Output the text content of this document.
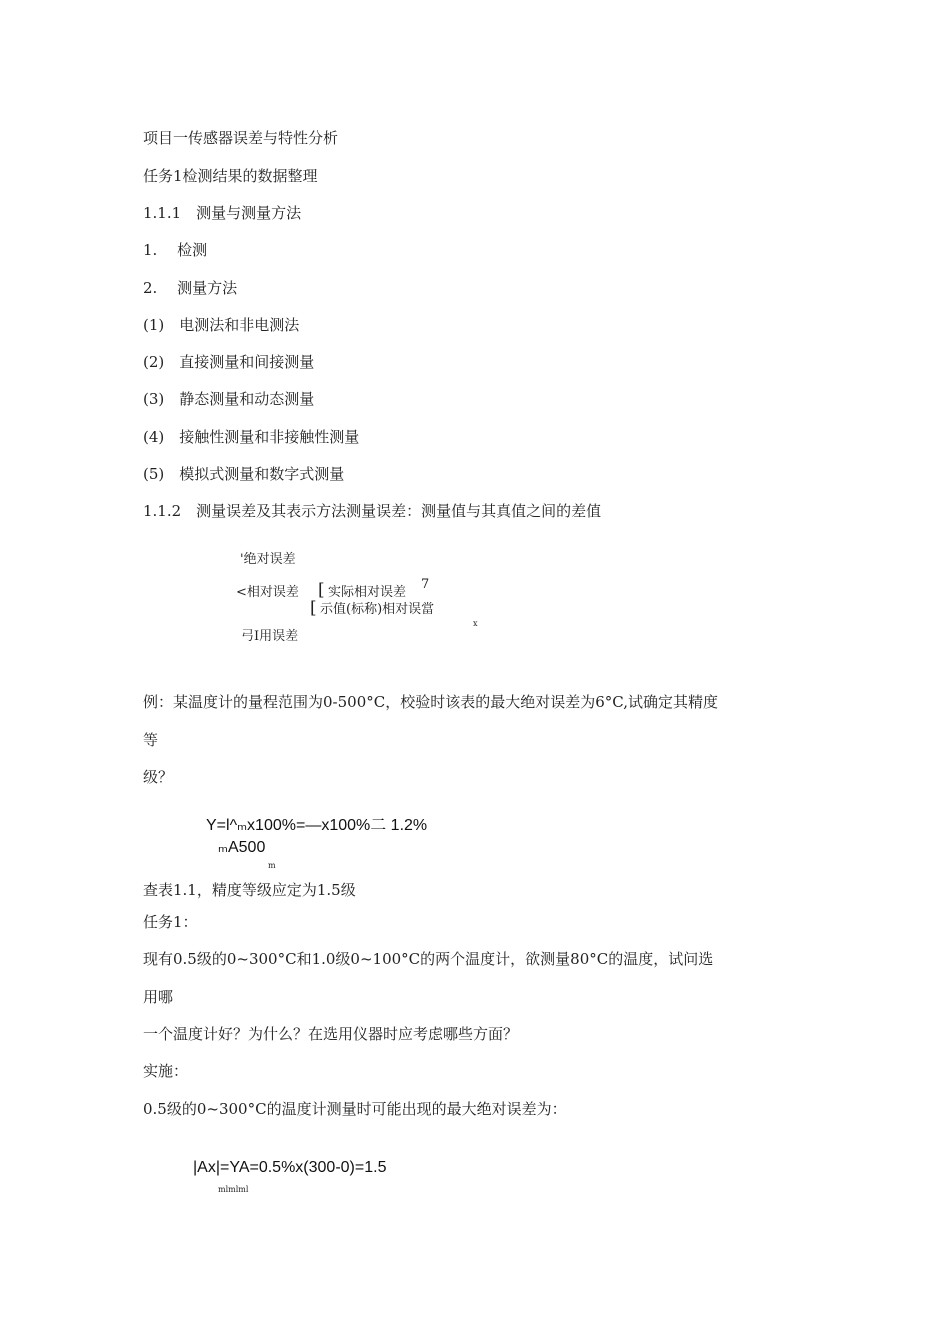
项目一传感器误差与特性分析
任务1检测结果的数据整理
1.1.1　测量与测量方法
1.　 检测
2.　 测量方法
(1)　电测法和非电测法
(2)　直接测量和间接测量
(3)　静态测量和动态测量
(4)　接触性测量和非接触性测量
(5)　模拟式测量和数字式测量
1.1.2　测量误差及其表示方法测量误差：测量值与其真值之间的差值
'绝对误差
<相对误差 [ 实际相对误差
7
[ 示值(标称)相对误當
x
弓I用误差
例：某温度计的量程范围为0-500°C，校验时该表的最大绝对误差为6°C,试确定其精度
等
级？
Y=l^ₘx100%=—x100%二 1.2%
ₘA500
m
查表1.1，精度等级应定为1.5级
任务1：
现有0.5级的0~300°C和1.0级0~100°C的两个温度计，欲测量80°C的温度，试问选
用哪
一个温度计好？为什么？在选用仪器时应考虑哪些方面？
实施：
0.5级的0~300°C的温度计测量时可能出现的最大绝对误差为：
|Ax|=YA=0.5%x(300-0)=1.5
mlmlml
